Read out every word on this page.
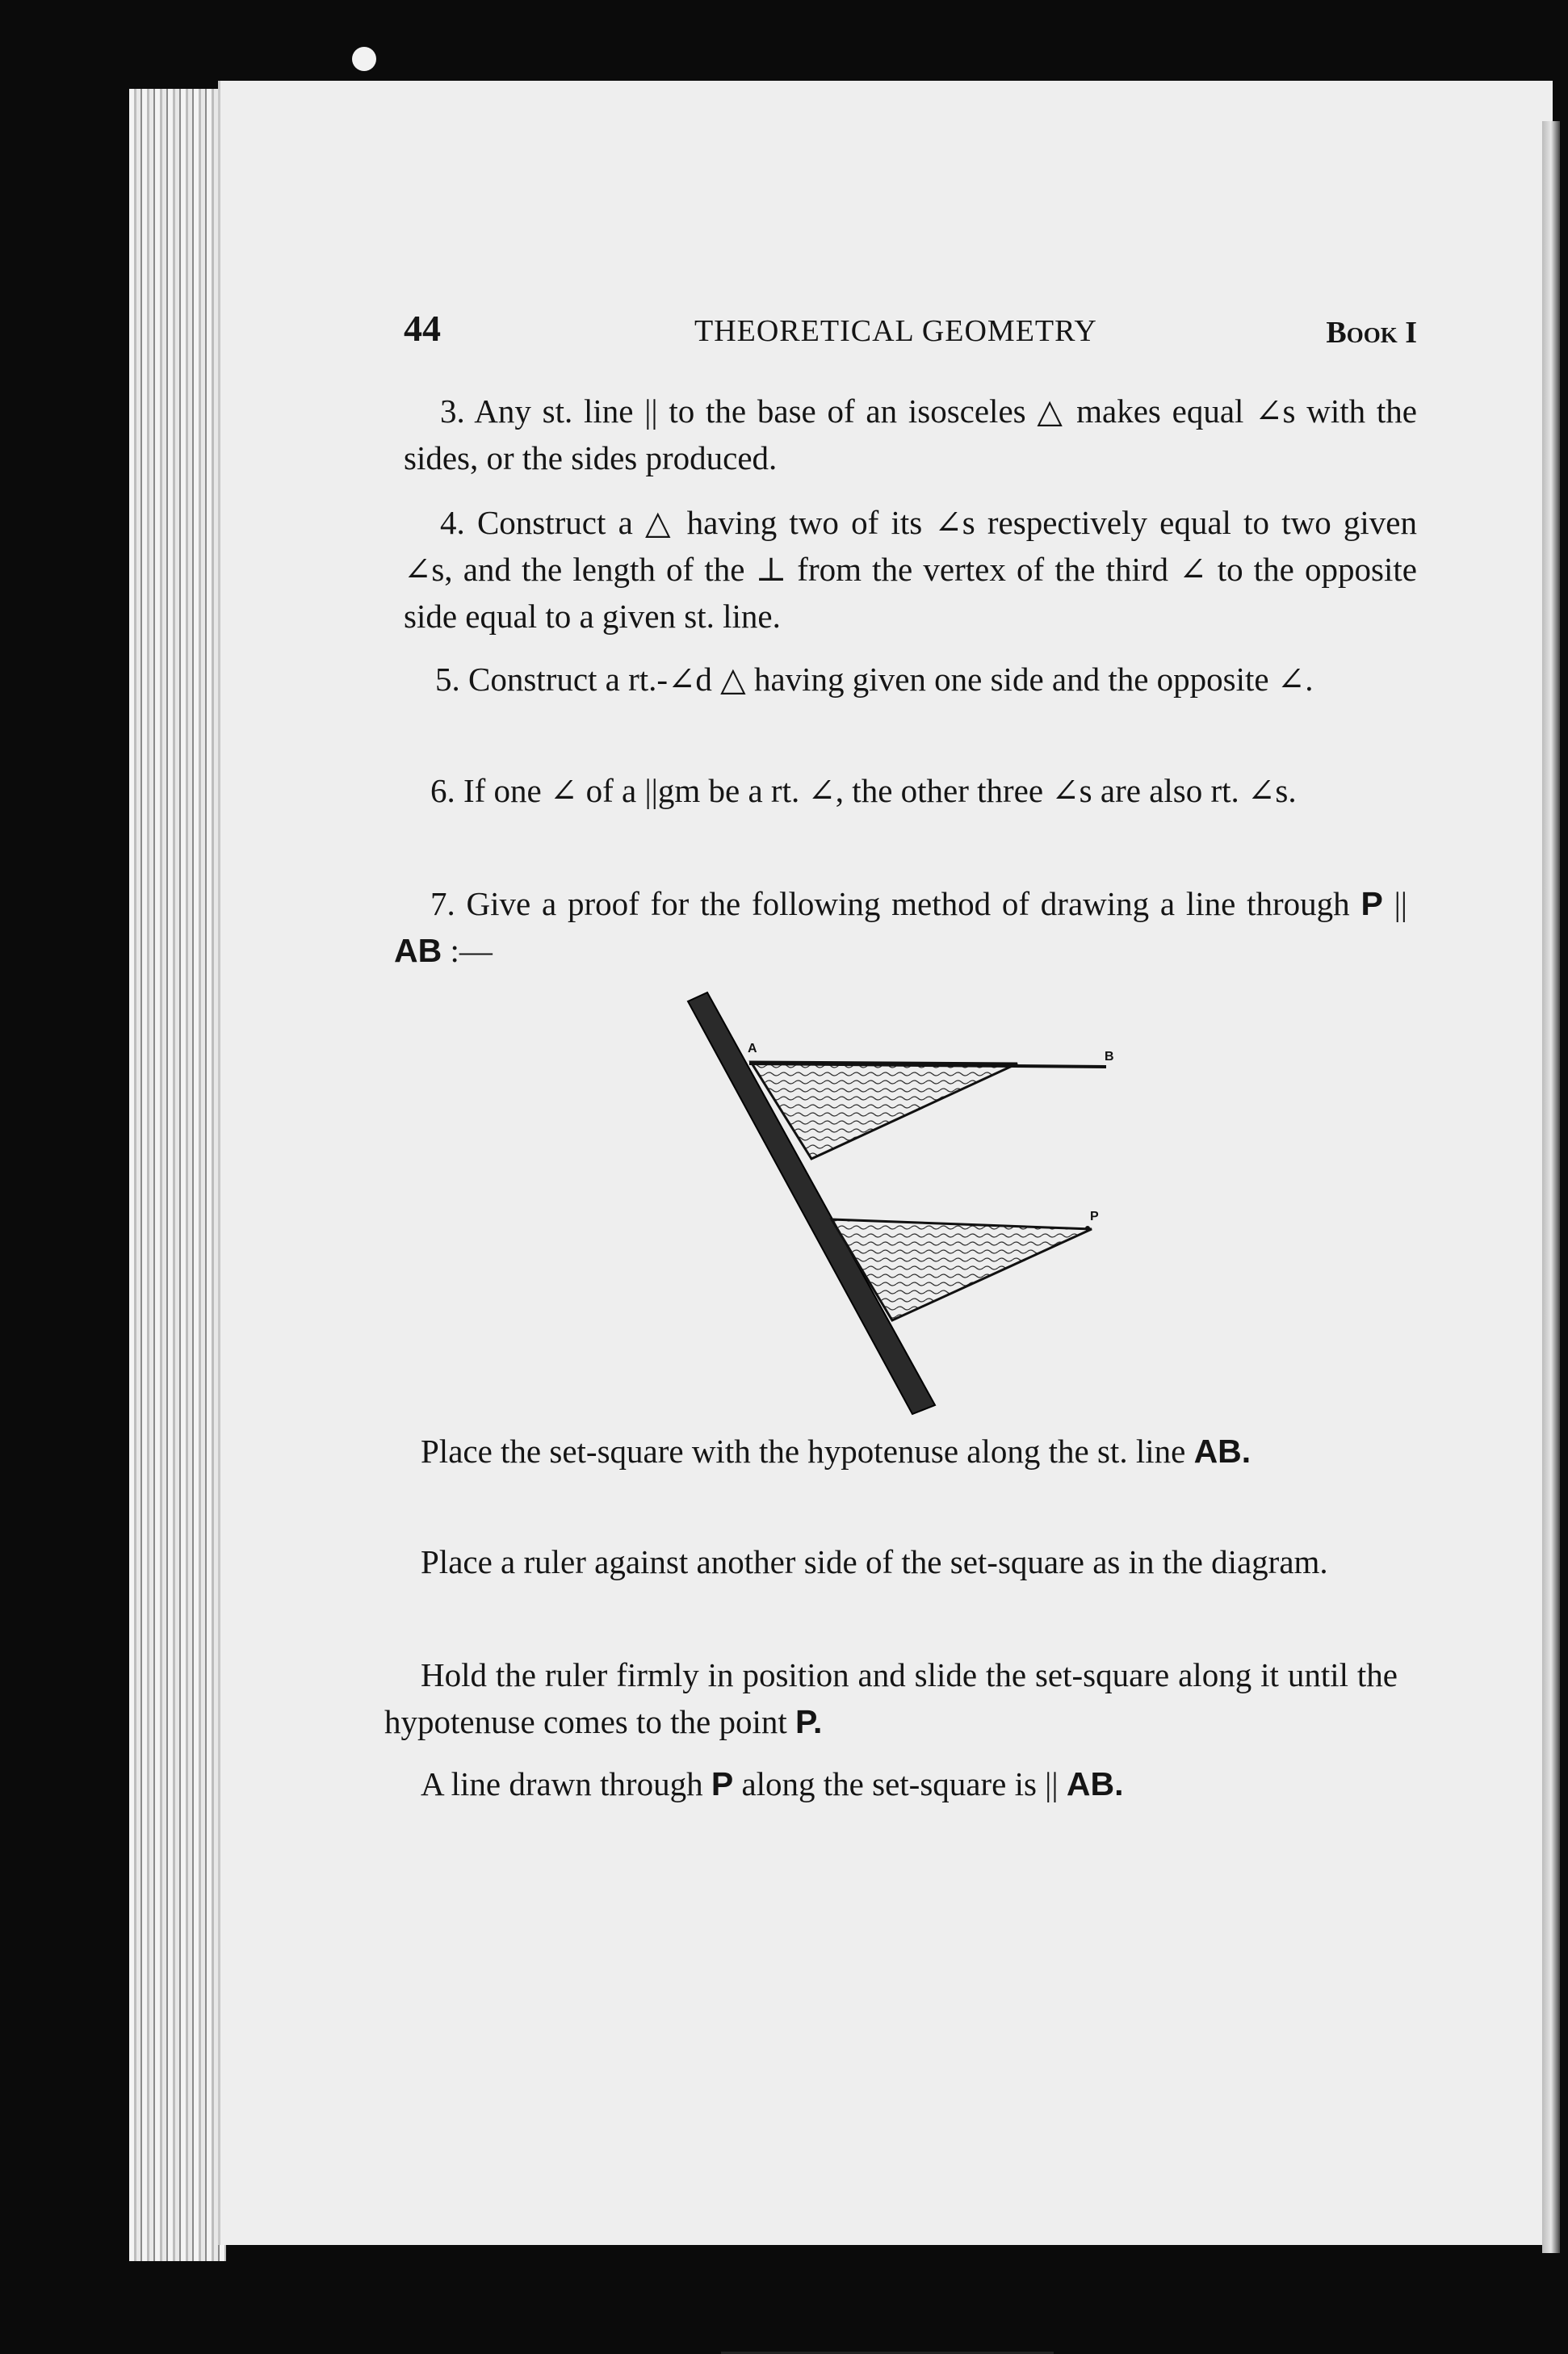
44	THEORETICAL GEOMETRY	Book I

3. Any st. line || to the base of an isosceles △ makes equal ∠s with the sides, or the sides produced.

4. Construct a △ having two of its ∠s respectively equal to two given ∠s, and the length of the ⊥ from the vertex of the third ∠ to the opposite side equal to a given st. line.

5. Construct a rt.-∠d △ having given one side and the opposite ∠.

6. If one ∠ of a ||gm be a rt. ∠, the other three ∠s are also rt. ∠s.

7. Give a proof for the following method of drawing a line through P || AB :—

A
B
P

Place the set-square with the hypotenuse along the st. line AB.

Place a ruler against another side of the set-square as in the diagram.

Hold the ruler firmly in position and slide the set-square along it until the hypotenuse comes to the point P.

A line drawn through P along the set-square is || AB.
